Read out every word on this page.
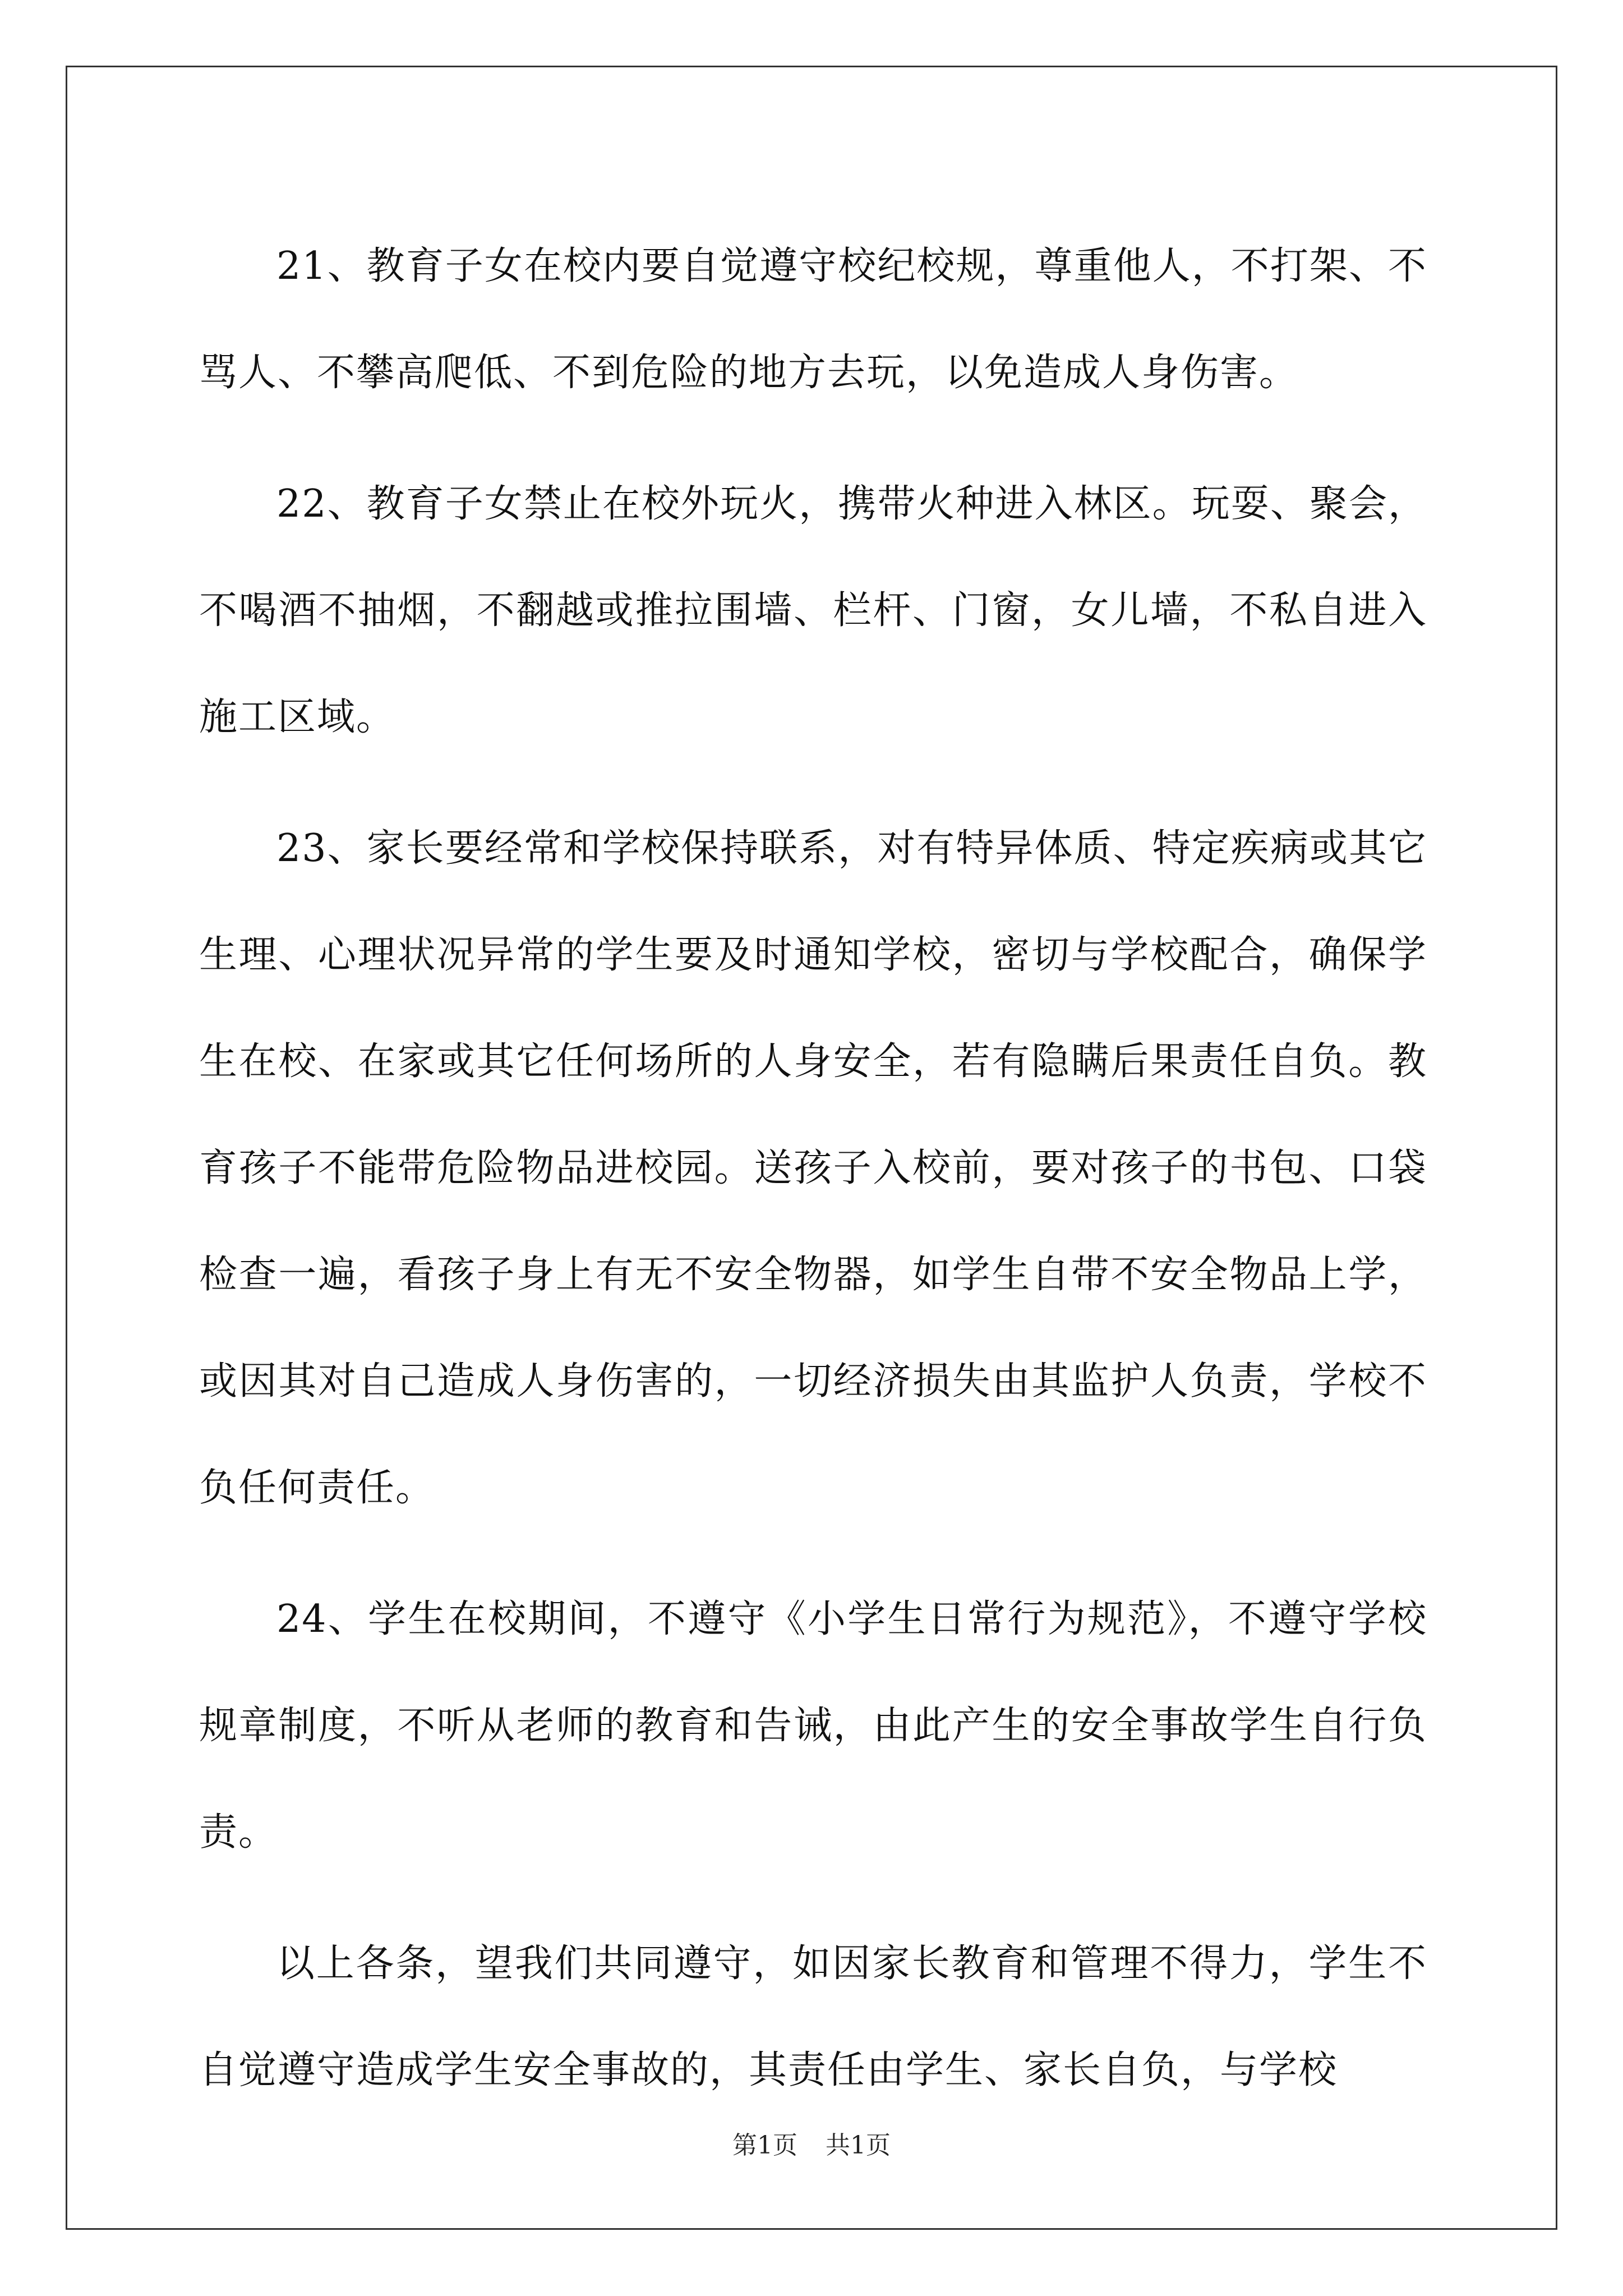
21、教育子女在校内要自觉遵守校纪校规，尊重他人，不打架、不骂人、不攀高爬低、不到危险的地方去玩，以免造成人身伤害。

22、教育子女禁止在校外玩火，携带火种进入林区。玩耍、聚会，不喝酒不抽烟，不翻越或推拉围墙、栏杆、门窗，女儿墙，不私自进入施工区域。

23、家长要经常和学校保持联系，对有特异体质、特定疾病或其它生理、心理状况异常的学生要及时通知学校，密切与学校配合，确保学生在校、在家或其它任何场所的人身安全，若有隐瞒后果责任自负。教育孩子不能带危险物品进校园。送孩子入校前，要对孩子的书包、口袋检查一遍，看孩子身上有无不安全物器，如学生自带不安全物品上学，或因其对自己造成人身伤害的，一切经济损失由其监护人负责，学校不负任何责任。

24、学生在校期间，不遵守《小学生日常行为规范》，不遵守学校规章制度，不听从老师的教育和告诫，由此产生的安全事故学生自行负责。

以上各条，望我们共同遵守，如因家长教育和管理不得力，学生不自觉遵守造成学生安全事故的，其责任由学生、家长自负，与学校

第1页 共1页
